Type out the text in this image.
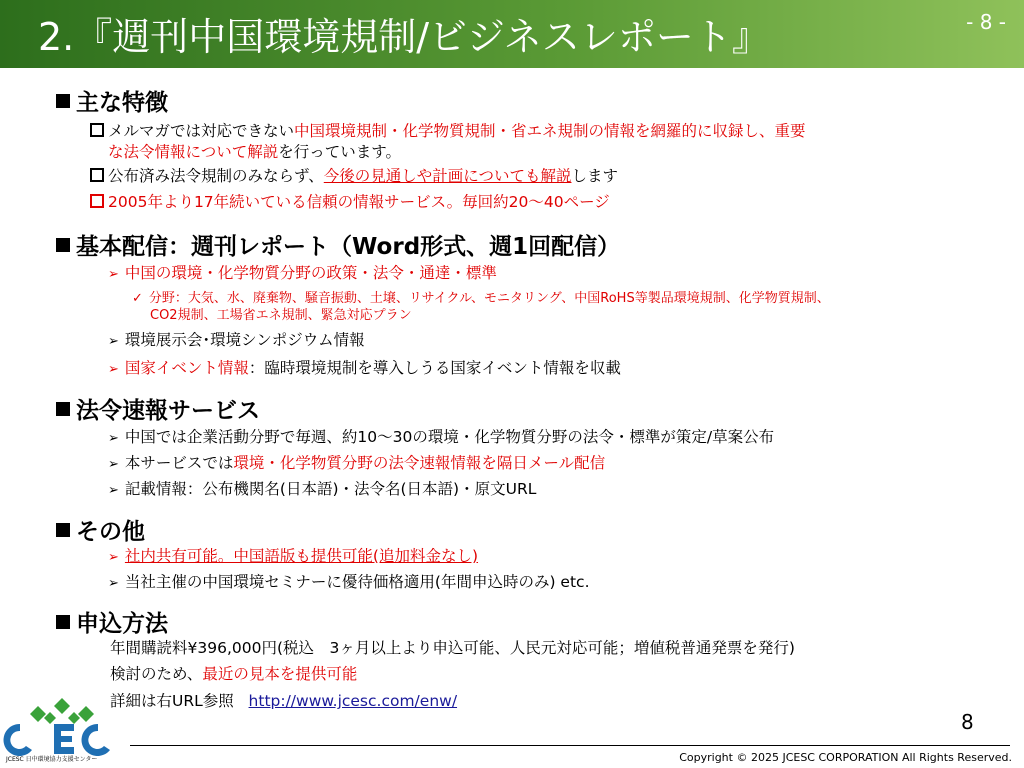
2.『週刊中国環境規制/ビジネスレポート』	- 8 -
主な特徴
メルマガでは対応できない中国環境規制・化学物質規制・省エネ規制の情報を網羅的に収録し、重要
な法令情報について解説を行っています。
公布済み法令規制のみならず、今後の見通しや計画についても解説します
2005年より17年続いている信頼の情報サービス。毎回約20～40ページ
基本配信：週刊レポート（Word形式、週1回配信）
➢ 中国の環境・化学物質分野の政策・法令・通達・標準
✓ 分野：大気、水、廃棄物、騒音振動、土壌、リサイクル、モニタリング、中国RoHS等製品環境規制、化学物質規制、
CO2規制、工場省エネ規制、緊急対応プラン
➢ 環境展示会･環境シンポジウム情報
➢ 国家イベント情報：臨時環境規制を導入しうる国家イベント情報を収載
法令速報サービス
➢ 中国では企業活動分野で毎週、約10～30の環境・化学物質分野の法令・標準が策定/草案公布
➢ 本サービスでは環境・化学物質分野の法令速報情報を隔日メール配信
➢ 記載情報：公布機関名(日本語)・法令名(日本語)・原文URL
その他
➢ 社内共有可能。中国語版も提供可能(追加料金なし)
➢ 当社主催の中国環境セミナーに優待価格適用(年間申込時のみ) etc.
申込方法
年間購読料¥396,000円(税込　3ヶ月以上より申込可能、人民元対応可能；増値税普通発票を発行)
検討のため、最近の見本を提供可能
詳細は右URL参照 http://www.jcesc.com/enw/
JCESC 日中環境協力支援センター
8
Copyright © 2025 JCESC CORPORATION All Rights Reserved.
